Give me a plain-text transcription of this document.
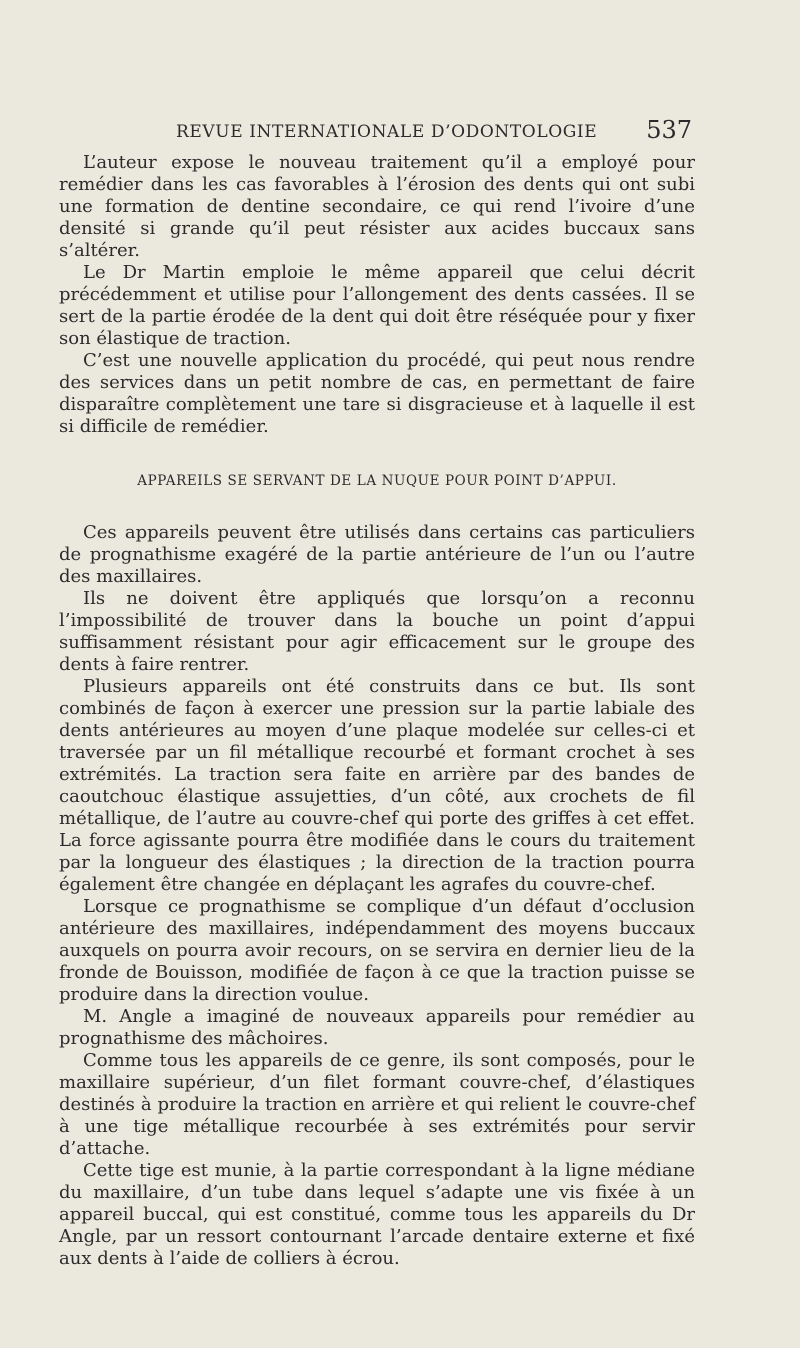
REVUE INTERNATIONALE D’ODONTOLOGIE 537

L’auteur expose le nouveau traitement qu’il a employé pour remédier dans les cas favorables à l’érosion des dents qui ont subi une formation de dentine secondaire, ce qui rend l’ivoire d’une densité si grande qu’il peut résister aux acides buccaux sans s’altérer.

Le Dr Martin emploie le même appareil que celui décrit précédemment et utilise pour l’allongement des dents cassées. Il se sert de la partie érodée de la dent qui doit être réséquée pour y fixer son élastique de traction.

C’est une nouvelle application du procédé, qui peut nous rendre des services dans un petit nombre de cas, en permettant de faire disparaître complètement une tare si disgracieuse et à laquelle il est si difficile de remédier.

APPAREILS SE SERVANT DE LA NUQUE POUR POINT D’APPUI.

Ces appareils peuvent être utilisés dans certains cas particuliers de prognathisme exagéré de la partie antérieure de l’un ou l’autre des maxillaires.

Ils ne doivent être appliqués que lorsqu’on a reconnu l’impossibilité de trouver dans la bouche un point d’appui suffisamment résistant pour agir efficacement sur le groupe des dents à faire rentrer.

Plusieurs appareils ont été construits dans ce but. Ils sont combinés de façon à exercer une pression sur la partie labiale des dents antérieures au moyen d’une plaque modelée sur celles-ci et traversée par un fil métallique recourbé et formant crochet à ses extrémités. La traction sera faite en arrière par des bandes de caoutchouc élastique assujetties, d’un côté, aux crochets de fil métallique, de l’autre au couvre-chef qui porte des griffes à cet effet. La force agissante pourra être modifiée dans le cours du traitement par la longueur des élastiques ; la direction de la traction pourra également être changée en déplaçant les agrafes du couvre-chef.

Lorsque ce prognathisme se complique d’un défaut d’occlusion antérieure des maxillaires, indépendamment des moyens buccaux auxquels on pourra avoir recours, on se servira en dernier lieu de la fronde de Bouisson, modifiée de façon à ce que la traction puisse se produire dans la direction voulue.

M. Angle a imaginé de nouveaux appareils pour remédier au prognathisme des mâchoires.

Comme tous les appareils de ce genre, ils sont composés, pour le maxillaire supérieur, d’un filet formant couvre-chef, d’élastiques destinés à produire la traction en arrière et qui relient le couvre-chef à une tige métallique recourbée à ses extrémités pour servir d’attache.

Cette tige est munie, à la partie correspondant à la ligne médiane du maxillaire, d’un tube dans lequel s’adapte une vis fixée à un appareil buccal, qui est constitué, comme tous les appareils du Dr Angle, par un ressort contournant l’arcade dentaire externe et fixé aux dents à l’aide de colliers à écrou.
